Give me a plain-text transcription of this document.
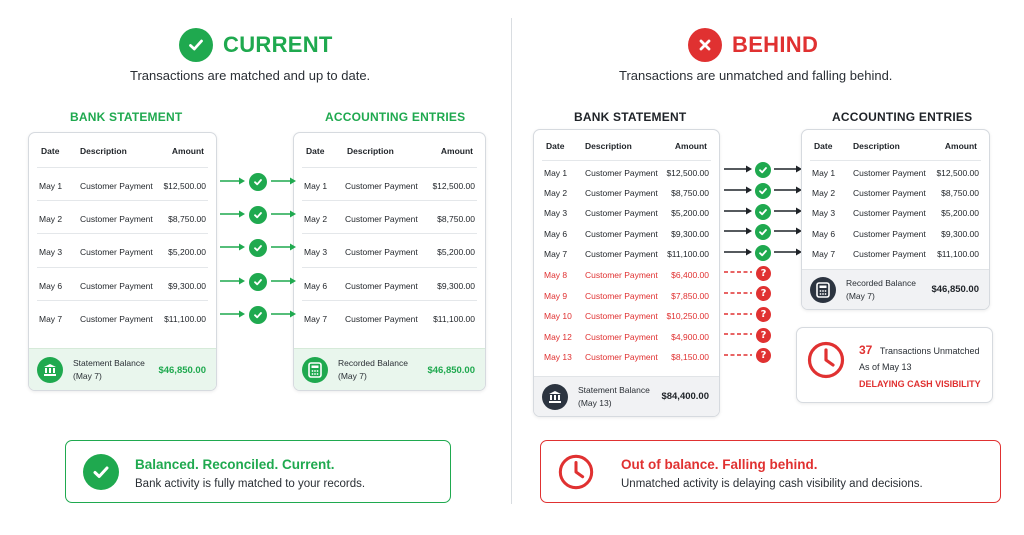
CURRENT
Transactions are matched and up to date.
BANK STATEMENT	ACCOUNTING ENTRIES
Date Description	Amount
May 1 Customer Payment $12,500.00
May 2 Customer Payment $8,750.00
May 3 Customer Payment $5,200.00
May 6 Customer Payment $9,300.00
May 7 Customer Payment $11,100.00
Statement Balance
(May 7)	$46,850.00
Date	Description	Amount
May 1 Customer Payment $12,500.00
May 2 Customer Payment $8,750.00
May 3 Customer Payment $5,200.00
May 6 Customer Payment $9,300.00
May 7 Customer Payment $11,100.00
Recorded Balance
(May 7)	$46,850.00
Balanced. Reconciled. Current.
Bank activity is fully matched to your records.
BEHIND
Transactions are unmatched and falling behind.
BANK STATEMENT	ACCOUNTING ENTRIES
Date Description	Amount
May 1 Customer Payment $12,500.00
May 2 Customer Payment $8,750.00
May 3 Customer Payment $5,200.00
May 6 Customer Payment $9,300.00
May 7 Customer Payment $11,100.00
May 8 Customer Payment $6,400.00
May 9 Customer Payment $7,850.00
May 10 Customer Payment $10,250.00
May 12 Customer Payment $4,900.00
May 13 Customer Payment $8,150.00
Statement Balance
(May 13)
$84,400.00
?
?
?
?
?
Date Description	Amount
May 1 Customer Payment $12,500.00
May 2 Customer Payment $8,750.00
May 3 Customer Payment $5,200.00
May 6 Customer Payment $9,300.00
May 7 Customer Payment $11,100.00
Recorded Balance
(May 7)
$46,850.00
37 Transactions Unmatched
As of May 13
DELAYING CASH VISIBILITY
Out of balance. Falling behind.
Unmatched activity is delaying cash visibility and decisions.
